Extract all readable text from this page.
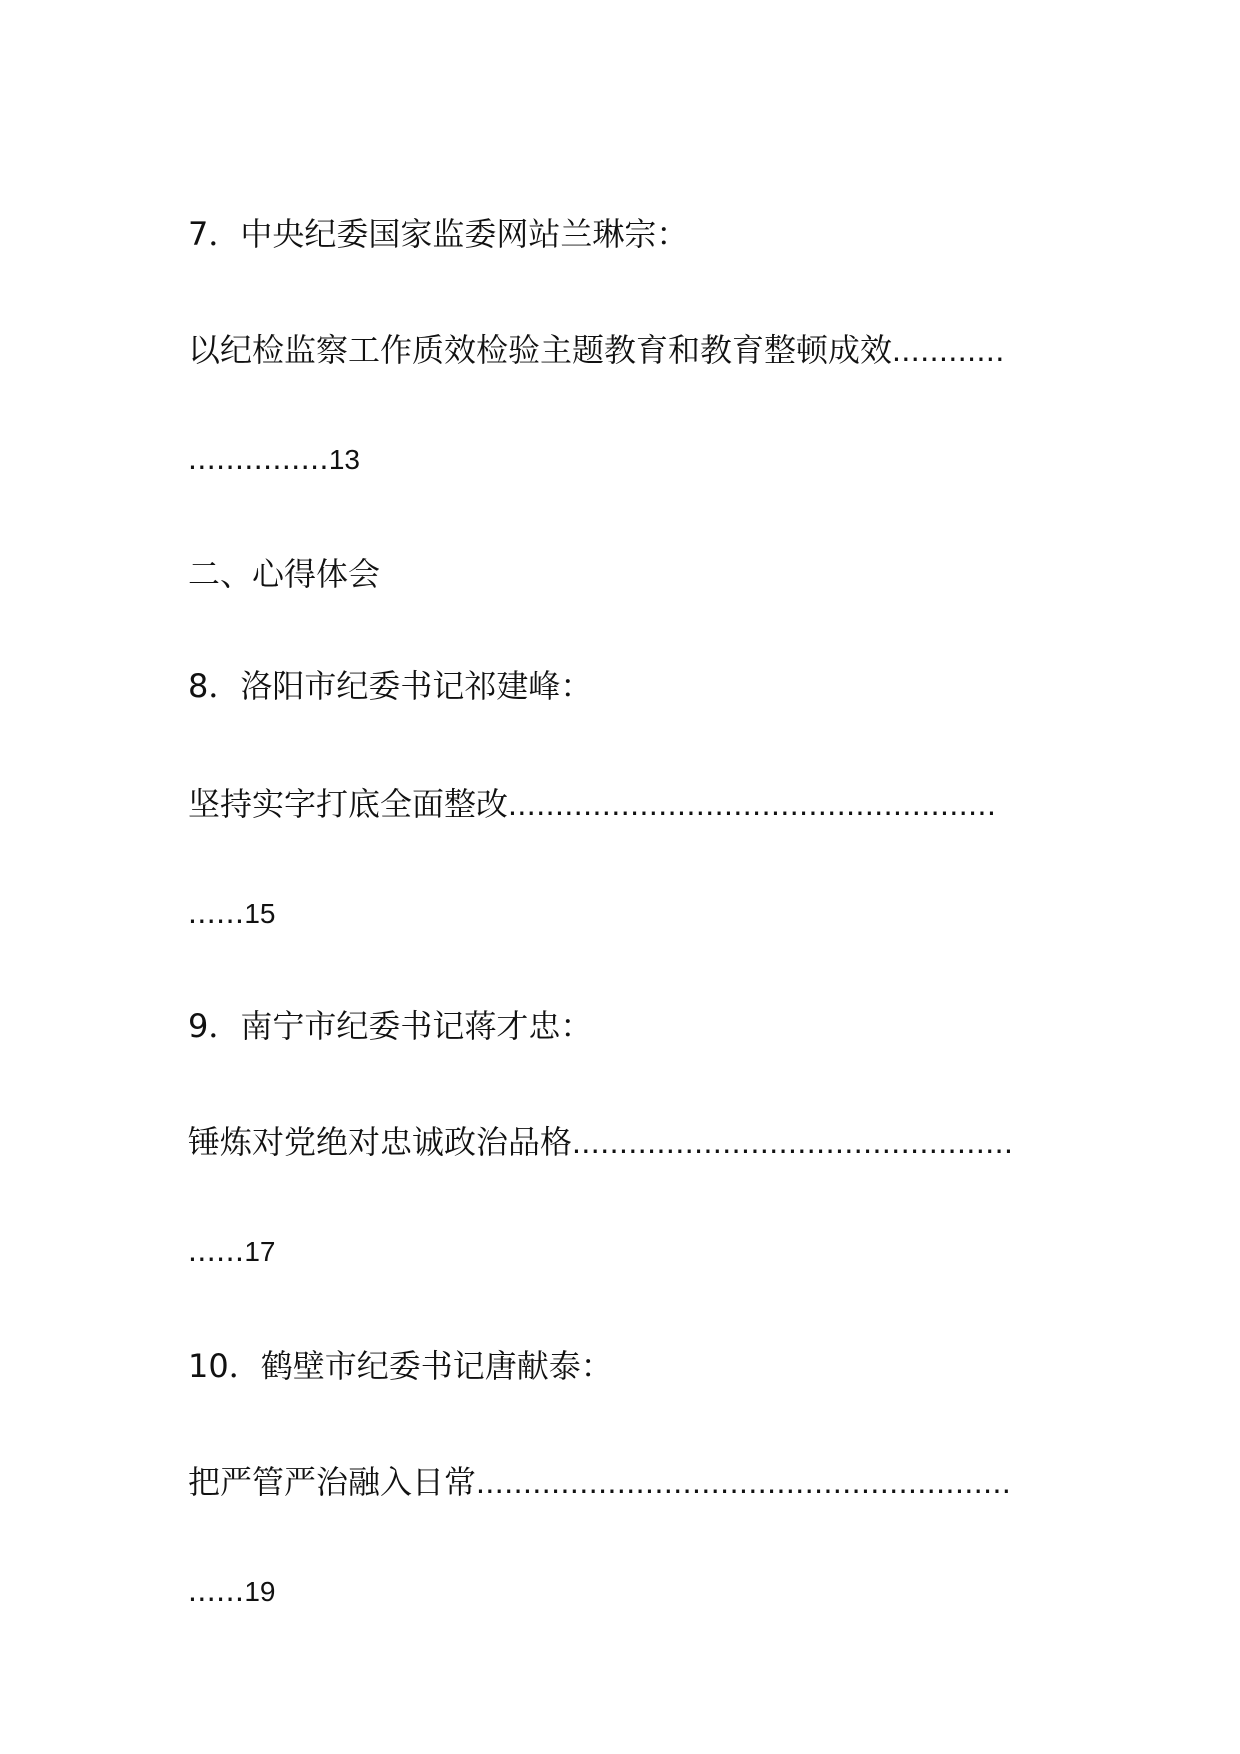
7．中央纪委国家监委网站兰琳宗：
以纪检监察工作质效检验主题教育和教育整顿成效............
...............13
二、心得体会
8．洛阳市纪委书记祁建峰：
坚持实字打底全面整改....................................................
......15
9．南宁市纪委书记蒋才忠：
锤炼对党绝对忠诚政治品格...............................................
......17
10．鹤壁市纪委书记唐献泰：
把严管严治融入日常.........................................................
......19
